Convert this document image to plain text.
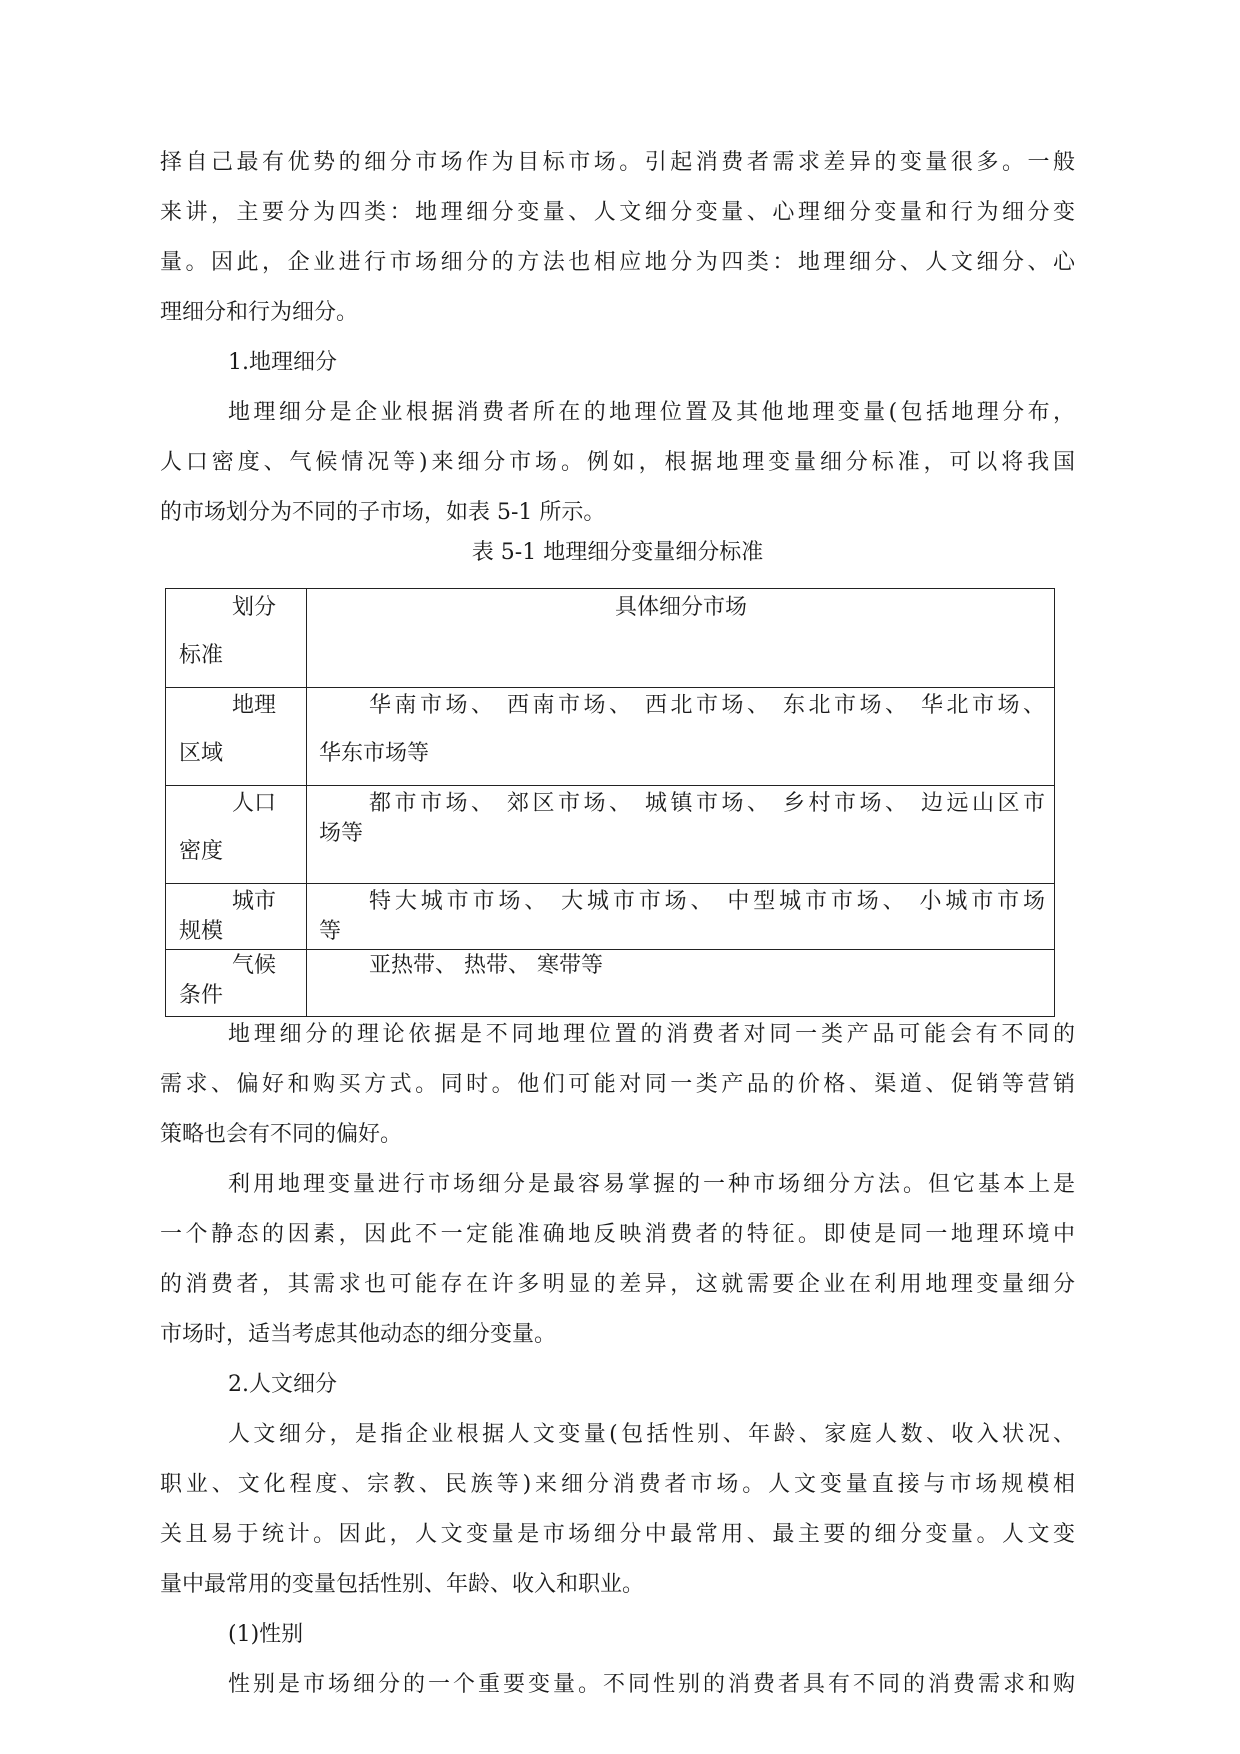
择自己最有优势的细分市场作为目标市场。引起消费者需求差异的变量很多。一般

来讲，主要分为四类：地理细分变量、人文细分变量、心理细分变量和行为细分变

量。因此，企业进行市场细分的方法也相应地分为四类：地理细分、人文细分、心

理细分和行为细分。

1.地理细分

地理细分是企业根据消费者所在的地理位置及其他地理变量(包括地理分布，

人口密度、气候情况等)来细分市场。例如，根据地理变量细分标准，可以将我国

的市场划分为不同的子市场，如表 5-1 所示。

表 5-1 地理细分变量细分标准

划分

标准

具体细分市场

地理

区域

华南市场、 西南市场、 西北市场、 东北市场、 华北市场、

华东市场等

人口

密度

都市市场、 郊区市场、 城镇市场、 乡村市场、 边远山区市

场等

城市

规模

特大城市市场、 大城市市场、 中型城市市场、 小城市市场

等

气候

条件

亚热带、 热带、 寒带等

地理细分的理论依据是不同地理位置的消费者对同一类产品可能会有不同的

需求、偏好和购买方式。同时。他们可能对同一类产品的价格、渠道、促销等营销

策略也会有不同的偏好。

利用地理变量进行市场细分是最容易掌握的一种市场细分方法。但它基本上是

一个静态的因素，因此不一定能准确地反映消费者的特征。即使是同一地理环境中

的消费者，其需求也可能存在许多明显的差异，这就需要企业在利用地理变量细分

市场时，适当考虑其他动态的细分变量。

2.人文细分

人文细分，是指企业根据人文变量(包括性别、年龄、家庭人数、收入状况、

职业、文化程度、宗教、民族等)来细分消费者市场。人文变量直接与市场规模相

关且易于统计。因此，人文变量是市场细分中最常用、最主要的细分变量。人文变

量中最常用的变量包括性别、年龄、收入和职业。

(1)性别

性别是市场细分的一个重要变量。不同性别的消费者具有不同的消费需求和购
